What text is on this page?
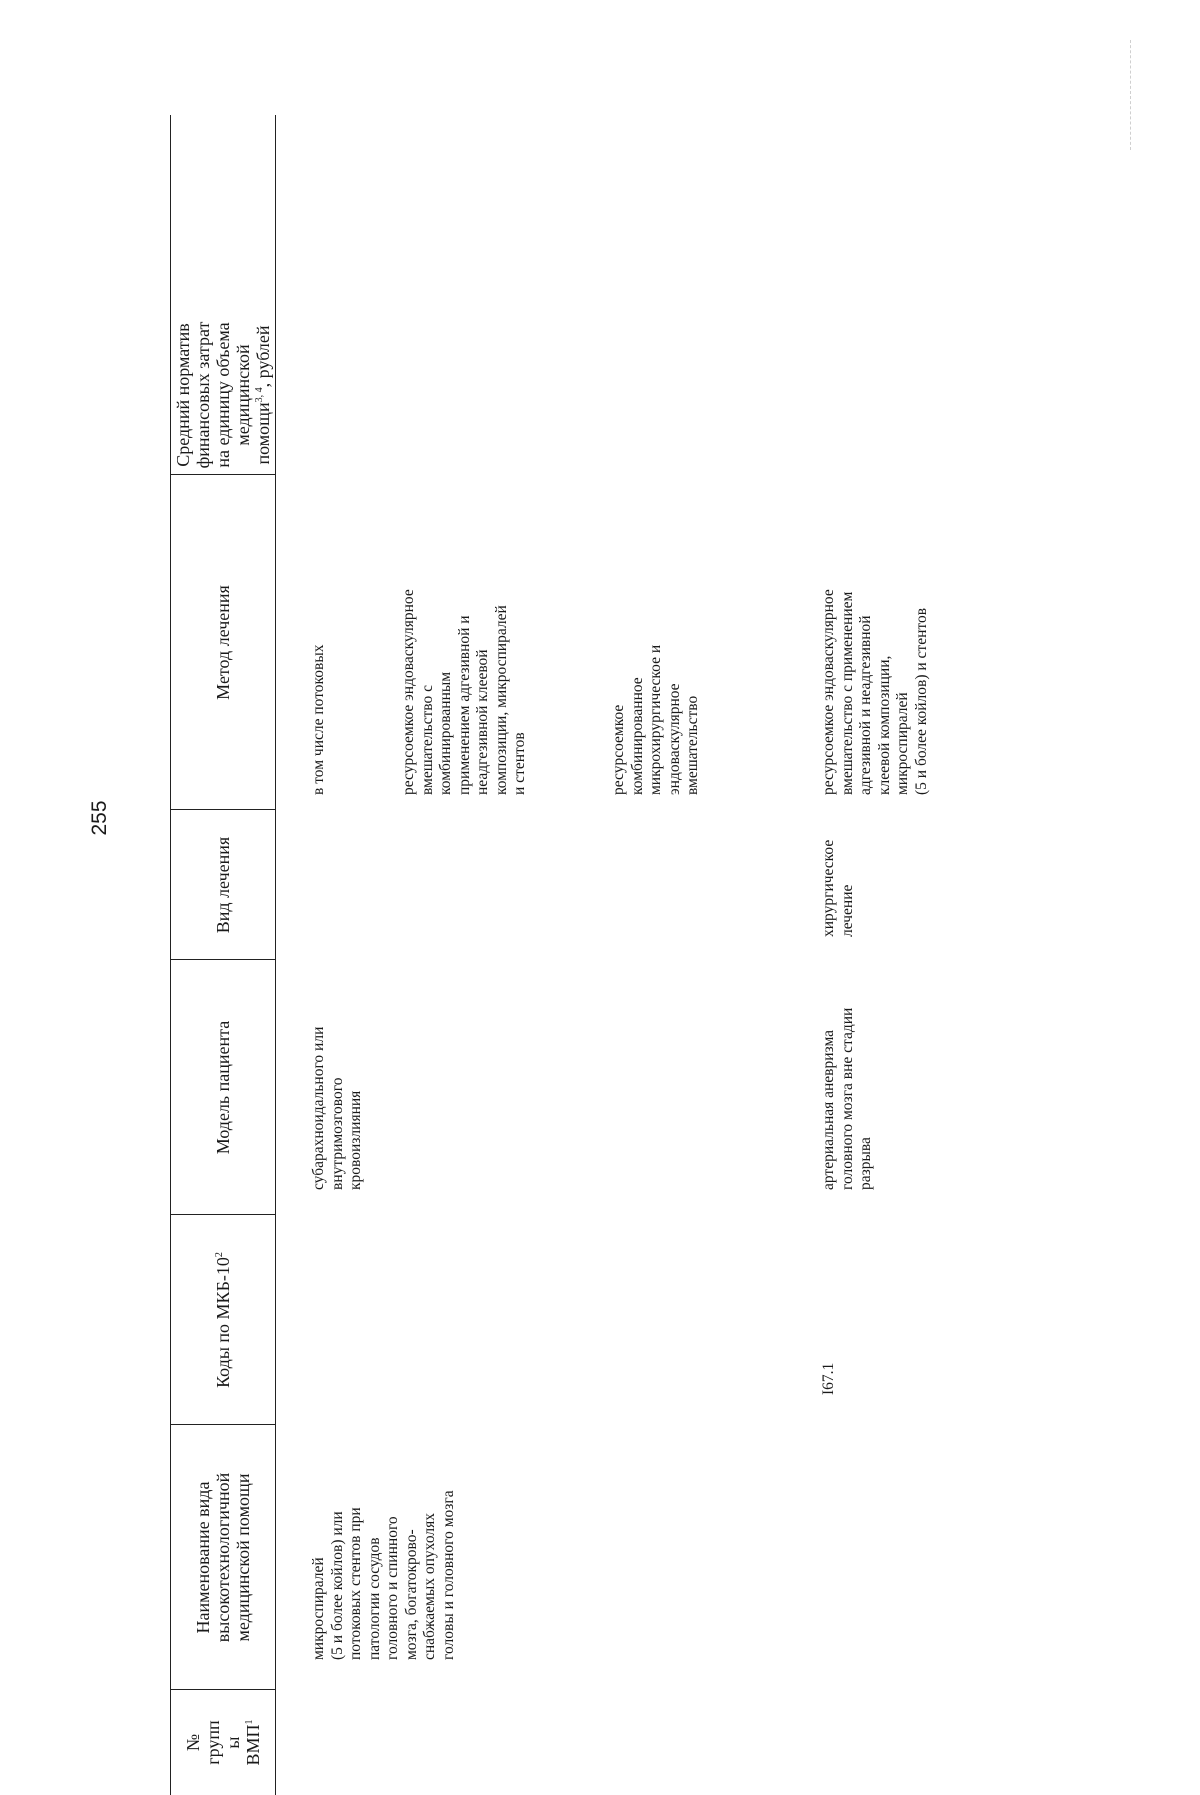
255
№
групп
ы
ВМП$^1$
Наименование вида высокотехнологичной медицинской помощи
Коды по МКБ-$10^2$
Модель пациента
Вид лечения
Метод лечения
Средний норматив финансовых затрат на единицу объема медицинской помощи$^{3, 4}$, рублей
микроспиралей
(5 и более койлов) или
потоковых стентов при
патологии сосудов
головного и спинного
мозга, богатокрово-
снабжаемых опухолях
головы и головного мозга
субарахноидального или
внутримозгового
кровоизлияния
в том числе потоковых	ресурсоемкое эндоваскулярное
вмешательство с
комбинированным
применением адгезивной и
неадгезивной клеевой
композиции, микроспиралей
и стентов	ресурсоемкое
комбинированное
микрохирургическое и
эндоваскулярное
вмешательство
I67.1
артериальная аневризма
головного мозга вне стадии
разрыва
хирургическое
лечение
ресурсоемкое эндоваскулярное
вмешательство с применением
адгезивной и неадгезивной
клеевой композиции,
микроспиралей
(5 и более койлов) и стентов
